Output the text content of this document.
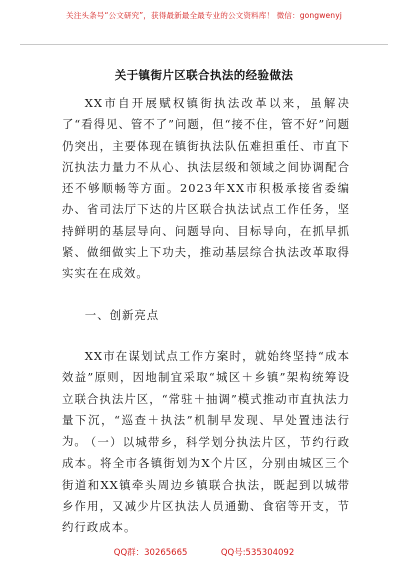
关注头条号“公文研究”，获得最新最全最专业的公文资料库！ 微信：gongwenyj
关于镇街片区联合执法的经验做法

XX市自开展赋权镇街执法改革以来，虽解决了“看得见、管不了”问题，但“接不住，管不好”问题仍突出，主要体现在镇街执法队伍难担重任、市直下沉执法力量力不从心、执法层级和领域之间协调配合还不够顺畅等方面。2023年XX市积极承接省委编办、省司法厅下达的片区联合执法试点工作任务，坚持鲜明的基层导向、问题导向、目标导向，在抓早抓紧、做细做实上下功夫，推动基层综合执法改革取得实实在在成效。

一、创新亮点

XX市在谋划试点工作方案时，就始终坚持“成本效益”原则，因地制宜采取“城区＋乡镇”架构统筹设立联合执法片区，“常驻＋抽调”模式推动市直执法力量下沉，“巡查＋执法”机制早发现、早处置违法行为。

（一）以城带乡，科学划分执法片区，节约行政成本。将全市各镇街划为X个片区，分别由城区三个街道和XX镇牵头周边乡镇联合执法，既起到以城带乡作用，又减少片区执法人员通勤、食宿等开支，节约行政成本。

QQ群：30265665	QQ号:535304092
